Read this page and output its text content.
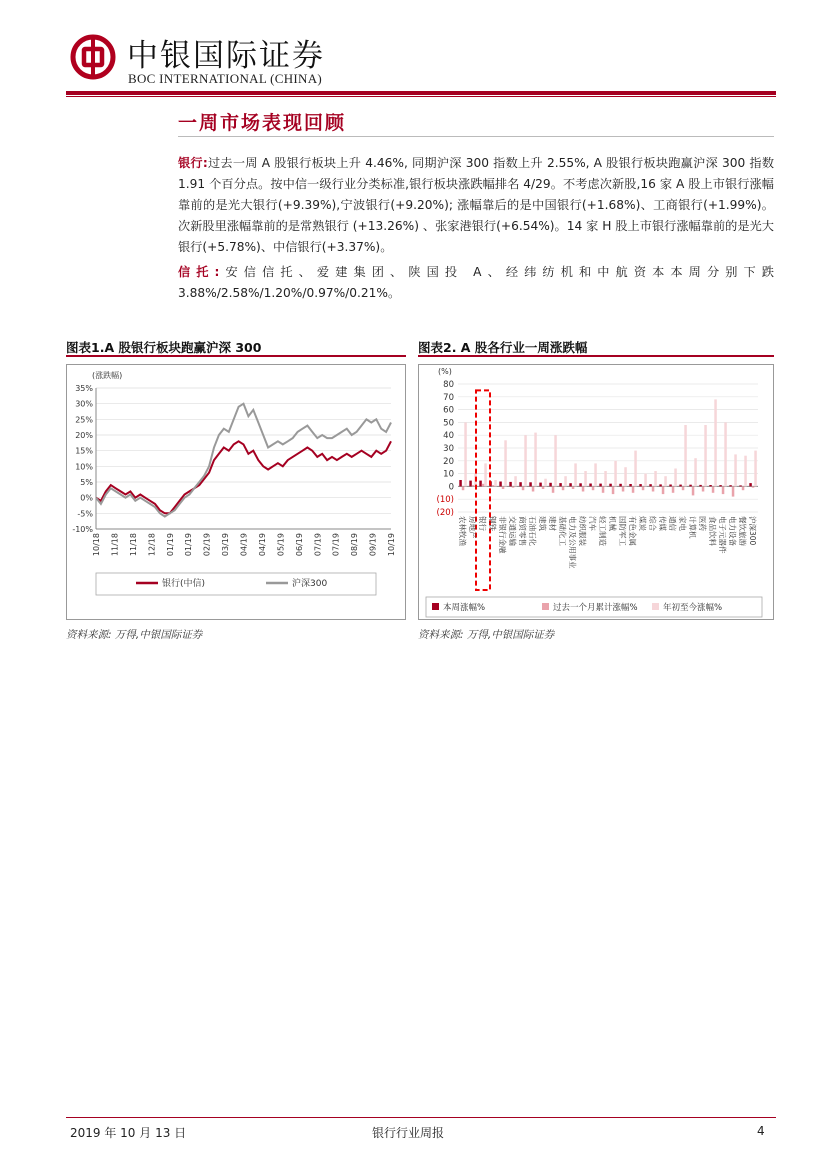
中银国际证券
BOC INTERNATIONAL (CHINA)
一周市场表现回顾
银行:过去一周 A 股银行板块上升 4.46%, 同期沪深 300 指数上升 2.55%, A 股银行板块跑赢沪深 300 指数 1.91 个百分点。按中信一级行业分类标准,银行板块涨跌幅排名 4/29。不考虑次新股,16 家 A 股上市银行涨幅靠前的是光大银行(+9.39%),宁波银行(+9.20%); 涨幅靠后的是中国银行(+1.68%)、工商银行(+1.99%)。次新股里涨幅靠前的是常熟银行 (+13.26%) 、张家港银行(+6.54%)。14 家 H 股上市银行涨幅靠前的是光大银行(+5.78%)、中信银行(+3.37%)。
信托:安信信托、爱建集团、陕国投 A、经纬纺机和中航资本本周分别下跌 3.88%/2.58%/1.20%/0.97%/0.21%。
图表1.A 股银行板块跑赢沪深 300
(涨跌幅)
35%
30%
25%
20%
15%
10%
5%
0%
-5%
-10%
10/18 11/18 11/18 12/18 01/19 01/19 02/19 03/19 04/19 04/19 05/19 06/19 07/19 07/19 08/19 09/19 10/19
银行(中信)	沪深300
资料来源: 万得,中银国际证券
图表2. A 股各行业一周涨跌幅
(%)
80
70
60
50
40
30
20
10
0
(10)
(20)
农林牧渔 房地产 银行 钢铁 非银行金融 交通运输 商贸零售 石油石化 建筑 建材 基础化工 电力及公用事业 纺织服装 汽车 轻工制造 机械 国防军工 有色金属 煤炭 综合 传媒 通信 家电 计算机 医药 食品饮料 电子元器件 电力设备 餐饮旅游 沪深300
本周涨幅%	过去一个月累计涨幅%	年初至今涨幅%
资料来源: 万得,中银国际证券
2019 年 10 月 13 日	银行行业周报	4
